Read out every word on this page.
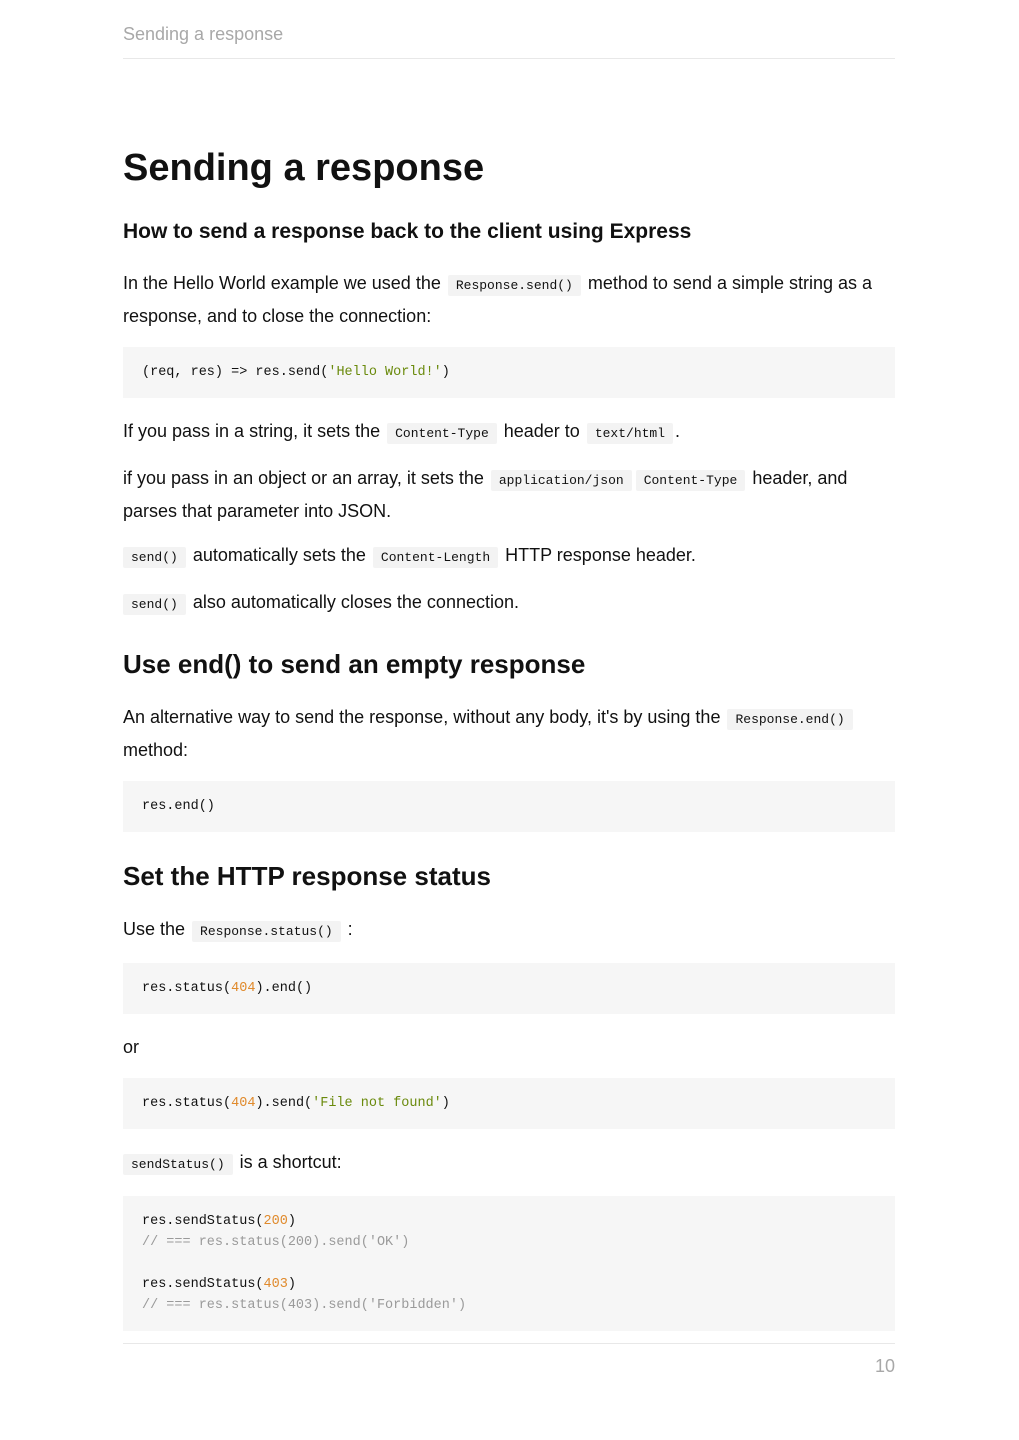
Sending a response
Sending a response
How to send a response back to the client using Express

In the Hello World example we used the Response.send() method to send a simple string as a response, and to close the connection:

(req, res) => res.send('Hello World!')

If you pass in a string, it sets the Content-Type header to text/html .

if you pass in an object or an array, it sets the application/json Content-Type header, and parses that parameter into JSON.

send() automatically sets the Content-Length HTTP response header.

send() also automatically closes the connection.

Use end() to send an empty response

An alternative way to send the response, without any body, it's by using the Response.end() method:

res.end()
Set the HTTP response status

Use the Response.status() :

res.status(404).end()

or

res.status(404).send('File not found')

sendStatus() is a shortcut:

res.sendStatus(200)
// === res.status(200).send('OK')

res.sendStatus(403)
// === res.status(403).send('Forbidden')
10
